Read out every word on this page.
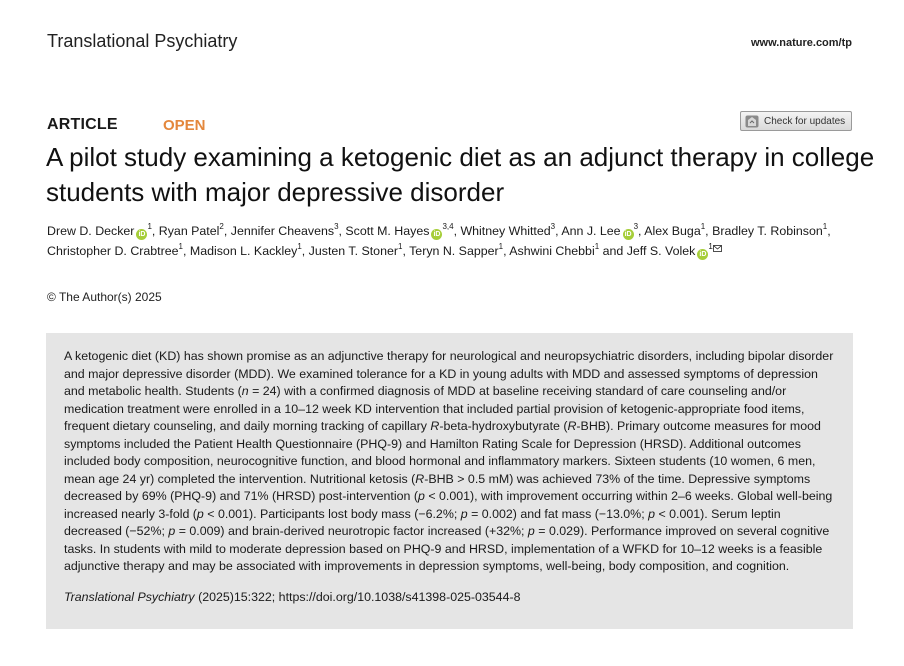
Translational Psychiatry	www.nature.com/tp
ARTICLE	OPEN	Check for updates
A pilot study examining a ketogenic diet as an adjunct therapy in college students with major depressive disorder
Drew D. Decker $iD^1$, Ryan Patel$^2$, Jennifer Cheavens$^3$, Scott M. Hayes iD$^{3,4}$, Whitney Whitted$^3$, Ann J. Lee $iD^3$, Alex Buga$^1$, Bradley T. Robinson$^1$, Christopher D. Crabtree$^1$, Madison L. Kackley$^1$, Justen T. Stoner$^1$, Teryn N. Sapper$^1$, Ashwini Chebbi$^1$ and Jeff S. Volek $iD^1$
© The Author(s) 2025
A ketogenic diet (KD) has shown promise as an adjunctive therapy for neurological and neuropsychiatric disorders, including bipolar disorder and major depressive disorder (MDD). We examined tolerance for a KD in young adults with MDD and assessed symptoms of depression and metabolic health. Students (n = 24) with a confirmed diagnosis of MDD at baseline receiving standard of care counseling and/or medication treatment were enrolled in a 10–12 week KD intervention that included partial provision of ketogenic-appropriate food items, frequent dietary counseling, and daily morning tracking of capillary R-beta-hydroxybutyrate (R-BHB). Primary outcome measures for mood symptoms included the Patient Health Questionnaire (PHQ-9) and Hamilton Rating Scale for Depression (HRSD). Additional outcomes included body composition, neurocognitive function, and blood hormonal and inflammatory markers. Sixteen students (10 women, 6 men, mean age 24 yr) completed the intervention. Nutritional ketosis (R-BHB > 0.5 mM) was achieved 73% of the time. Depressive symptoms decreased by 69% (PHQ-9) and 71% (HRSD) post-intervention (p < 0.001), with improvement occurring within 2–6 weeks. Global well-being increased nearly 3-fold (p < 0.001). Participants lost body mass (−6.2%; p = 0.002) and fat mass (−13.0%; p < 0.001). Serum leptin decreased (−52%; p = 0.009) and brain-derived neurotropic factor increased (+32%; p = 0.029). Performance improved on several cognitive tasks. In students with mild to moderate depression based on PHQ-9 and HRSD, implementation of a WFKD for 10–12 weeks is a feasible adjunctive therapy and may be associated with improvements in depression symptoms, well-being, body composition, and cognition.
Translational Psychiatry (2025)15:322; https://doi.org/10.1038/s41398-025-03544-8
